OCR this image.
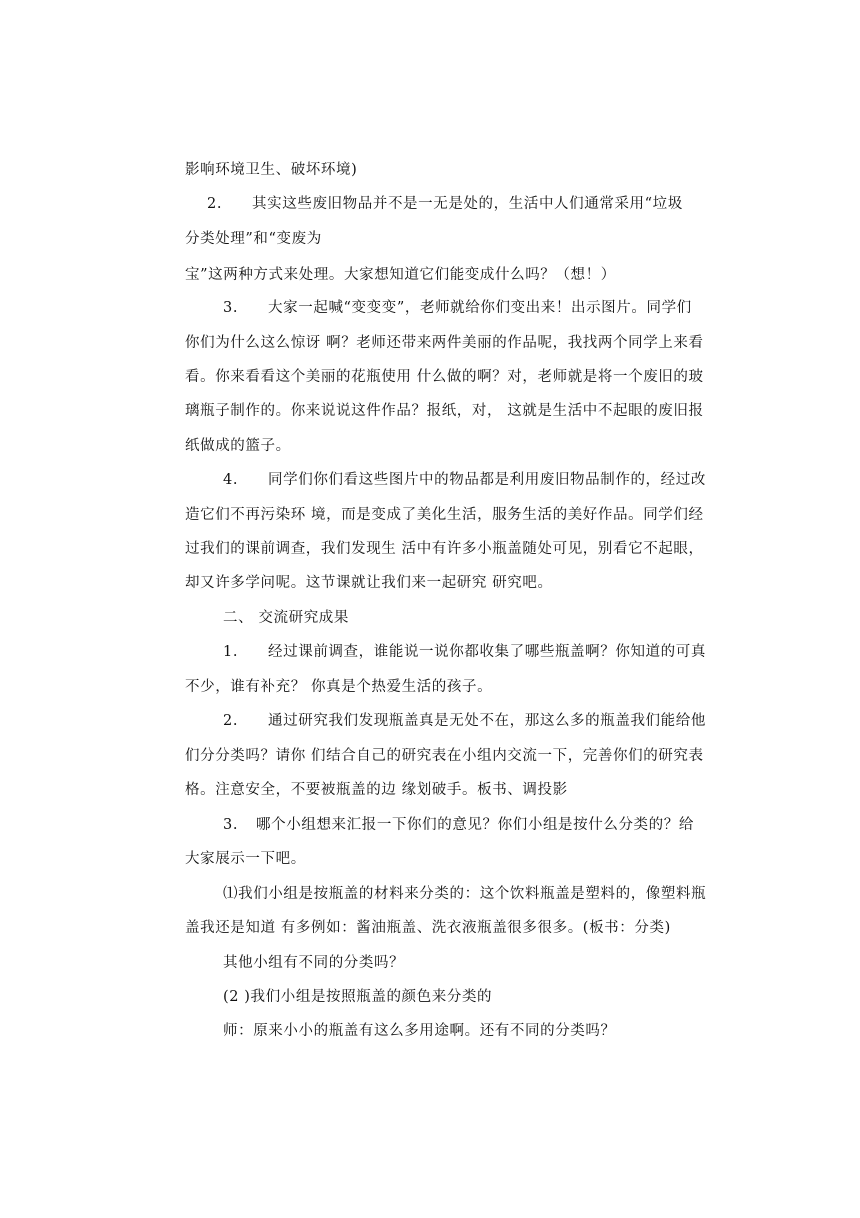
影响环境卫生、破坏环境)
2. 其实这些废旧物品并不是一无是处的，生活中人们通常采用“垃圾
分类处理”和“变废为
宝”这两种方式来处理。大家想知道它们能变成什么吗？（想！）
3. 大家一起喊“变变变”，老师就给你们变出来！出示图片。同学们
你们为什么这么惊讶 啊？老师还带来两件美丽的作品呢，我找两个同学上来看
看。你来看看这个美丽的花瓶使用 什么做的啊？对，老师就是将一个废旧的玻
璃瓶子制作的。你来说说这件作品？报纸，对， 这就是生活中不起眼的废旧报
纸做成的篮子。
4. 同学们你们看这些图片中的物品都是利用废旧物品制作的，经过改
造它们不再污染环 境，而是变成了美化生活，服务生活的美好作品。同学们经
过我们的课前调查，我们发现生 活中有许多小瓶盖随处可见，别看它不起眼，
却又许多学问呢。这节课就让我们来一起研究 研究吧。
二、 交流研究成果
1. 经过课前调查，谁能说一说你都收集了哪些瓶盖啊？你知道的可真
不少，谁有补充？ 你真是个热爱生活的孩子。
2. 通过研究我们发现瓶盖真是无处不在，那这么多的瓶盖我们能给他
们分分类吗？请你 们结合自己的研究表在小组内交流一下，完善你们的研究表
格。注意安全，不要被瓶盖的边 缘划破手。板书、调投影
3. 哪个小组想来汇报一下你们的意见？你们小组是按什么分类的？给
大家展示一下吧。
⑴我们小组是按瓶盖的材料来分类的：这个饮料瓶盖是塑料的，像塑料瓶
盖我还是知道 有多例如：酱油瓶盖、洗衣液瓶盖很多很多。(板书：分类)
其他小组有不同的分类吗？
(2 )我们小组是按照瓶盖的颜色来分类的
师：原来小小的瓶盖有这么多用途啊。还有不同的分类吗？
